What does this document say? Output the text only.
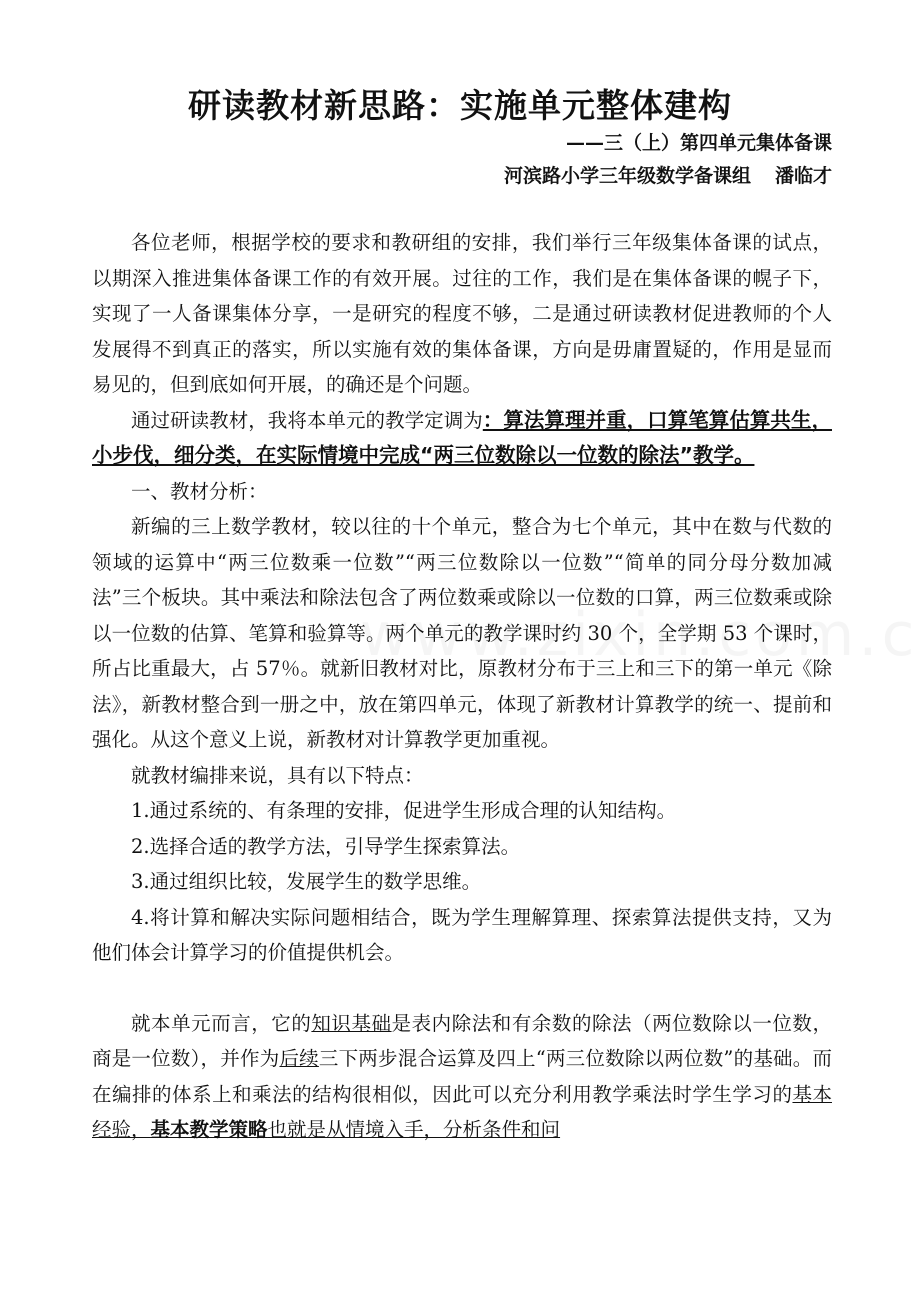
研读教材新思路：实施单元整体建构
——三（上）第四单元集体备课
河滨路小学三年级数学备课组 潘临才

各位老师，根据学校的要求和教研组的安排，我们举行三年级集体备课的试点，以期深入推进集体备课工作的有效开展。过往的工作，我们是在集体备课的幌子下，实现了一人备课集体分享，一是研究的程度不够，二是通过研读教材促进教师的个人发展得不到真正的落实，所以实施有效的集体备课，方向是毋庸置疑的，作用是显而易见的，但到底如何开展，的确还是个问题。

通过研读教材，我将本单元的教学定调为：算法算理并重，口算笔算估算共生，小步伐，细分类，在实际情境中完成“两三位数除以一位数的除法”教学。

一、教材分析：

新编的三上数学教材，较以往的十个单元，整合为七个单元，其中在数与代数的领域的运算中“两三位数乘一位数”“两三位数除以一位数”“简单的同分母分数加减法”三个板块。其中乘法和除法包含了两位数乘或除以一位数的口算，两三位数乘或除以一位数的估算、笔算和验算等。两个单元的教学课时约 30 个，全学期 53 个课时，所占比重最大，占 57％。就新旧教材对比，原教材分布于三上和三下的第一单元《除法》，新教材整合到一册之中，放在第四单元，体现了新教材计算教学的统一、提前和强化。从这个意义上说，新教材对计算教学更加重视。

就教材编排来说，具有以下特点：

1.通过系统的、有条理的安排，促进学生形成合理的认知结构。

2.选择合适的教学方法，引导学生探索算法。

3.通过组织比较，发展学生的数学思维。

4.将计算和解决实际问题相结合，既为学生理解算理、探索算法提供支持，又为他们体会计算学习的价值提供机会。

就本单元而言，它的知识基础是表内除法和有余数的除法（两位数除以一位数，商是一位数），并作为后续三下两步混合运算及四上“两三位数除以两位数”的基础。而在编排的体系上和乘法的结构很相似，因此可以充分利用教学乘法时学生学习的基本经验，基本教学策略也就是从情境入手，分析条件和问
